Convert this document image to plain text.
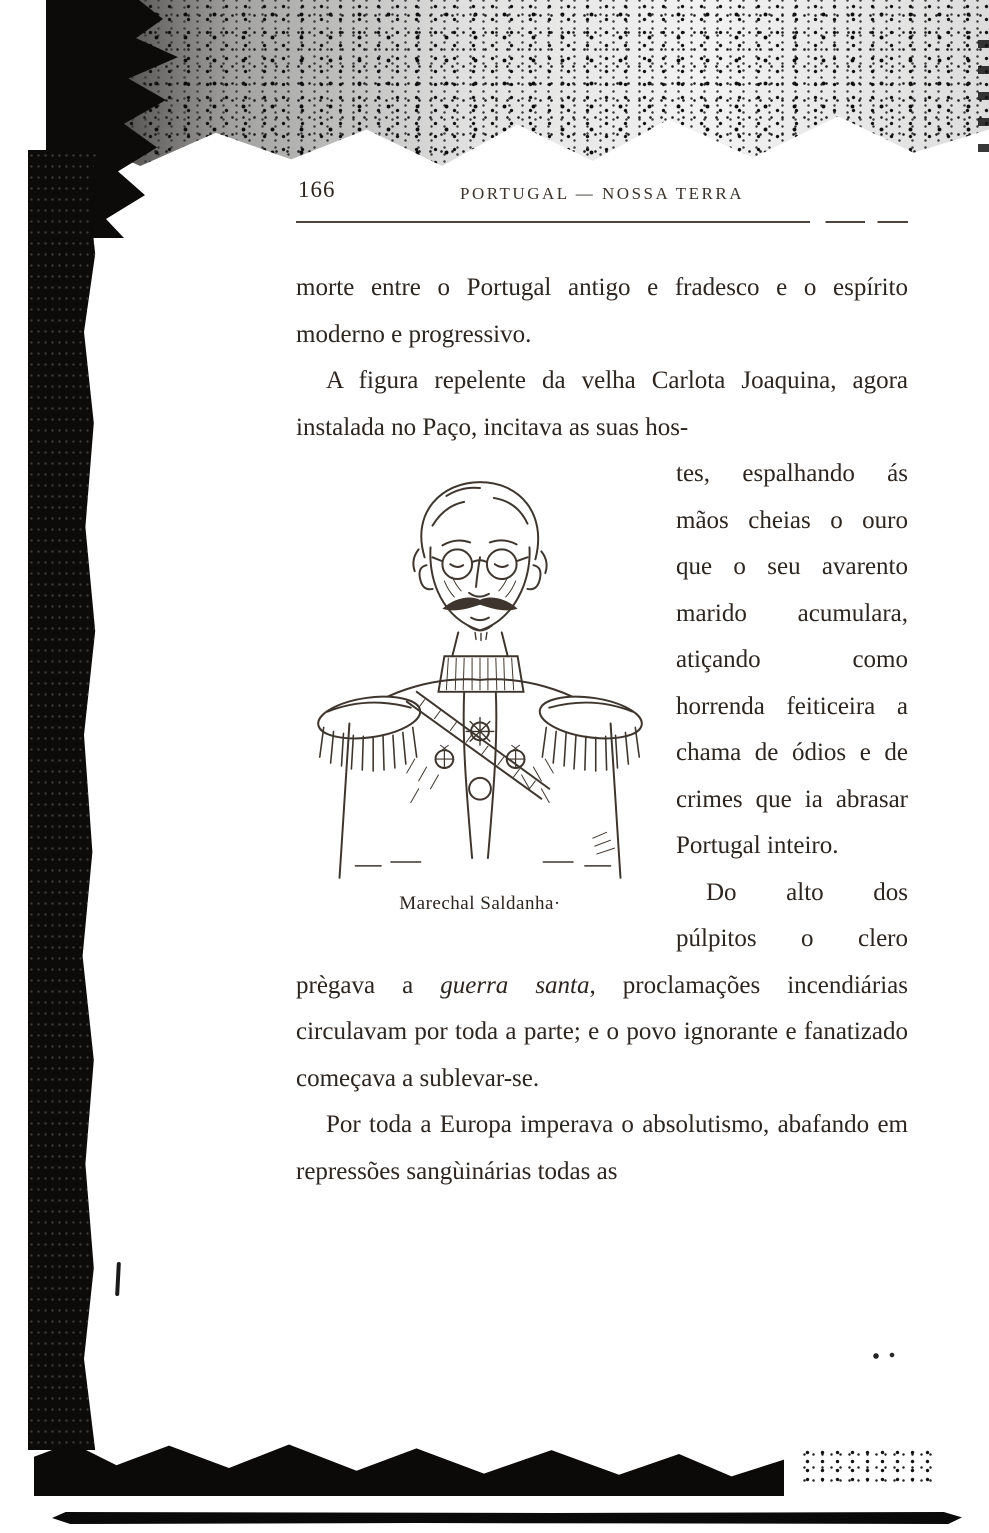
166	PORTUGAL — NOSSA TERRA

morte entre o Portugal antigo e fradesco e o espírito moderno e progressivo.

A figura repelente da velha Carlota Joaquina, agora instalada no Paço, incitava as suas hos-

Marechal Saldanha·

tes, espalhando ás mãos cheias o ouro que o seu avarento marido acumulara, atiçando como horrenda feiticeira a chama de ódios e de crimes que ia abrasar Portugal inteiro.

Do alto dos púlpitos o clero prègava a guerra santa, proclamações incendiárias circulavam por toda a parte; e o povo ignorante e fanatizado começava a sublevar-se.

Por toda a Europa imperava o absolutismo, abafando em repressões sangùinárias todas as
